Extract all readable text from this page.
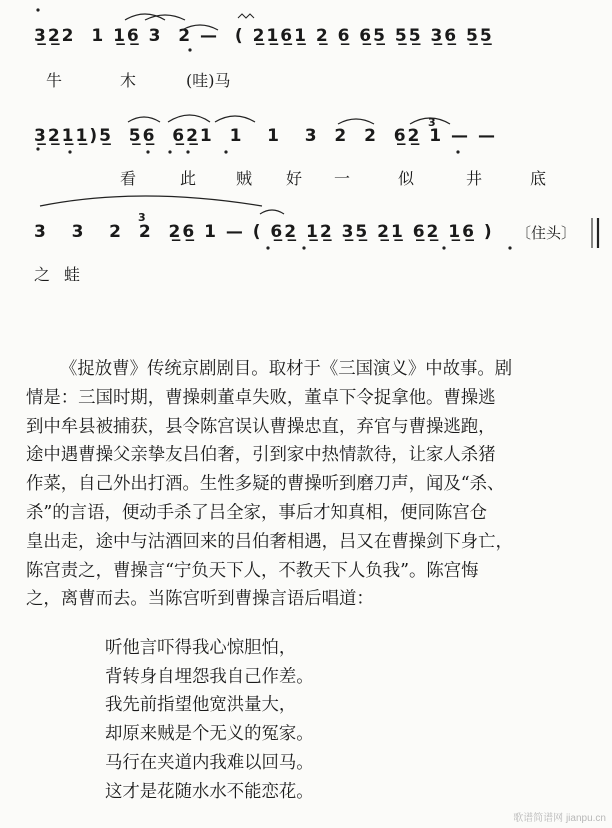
3̲2̲2  1 1̲6̲ 3  2 —  ( 2̲1̲6̲1̲ 2̲ 6̲ 6̲5̲ 5̲5̲ 3̲6̲ 5̲5̲
牛	木	(哇)马
3̲2̲1̲1̲)5̲  5̲6̲  6̲2̲1  1   1   3  2  2  6̲2̲ 1 — —
3
看	此 贼 好 一	似	井	底
3   3   2  2  2̲6̲ 1 — ( 6̲2̲ 1̲2̲ 3̲5̲ 2̲1̲ 6̲2̲ 1̲6̲ )
3
〔住头〕
之 蛙
《捉放曹》传统京剧剧目。取材于《三国演义》中故事。剧
情是：三国时期，曹操刺董卓失败，董卓下令捉拿他。曹操逃
到中牟县被捕获，县令陈宫误认曹操忠直，弃官与曹操逃跑，
途中遇曹操父亲挚友吕伯奢，引到家中热情款待，让家人杀猪
作菜，自己外出打酒。生性多疑的曹操听到磨刀声，闻及“杀、
杀”的言语，便动手杀了吕全家，事后才知真相，便同陈宫仓
皇出走，途中与沽酒回来的吕伯奢相遇，吕又在曹操剑下身亡，
陈宫责之，曹操言“宁负天下人，不教天下人负我”。陈宫悔
之，离曹而去。当陈宫听到曹操言语后唱道：
听他言吓得我心惊胆怕，
背转身自埋怨我自己作差。
我先前指望他宽洪量大，
却原来贼是个无义的冤家。
马行在夹道内我难以回马。
这才是花随水水不能恋花。
歌谱简谱网 jianpu.cn
